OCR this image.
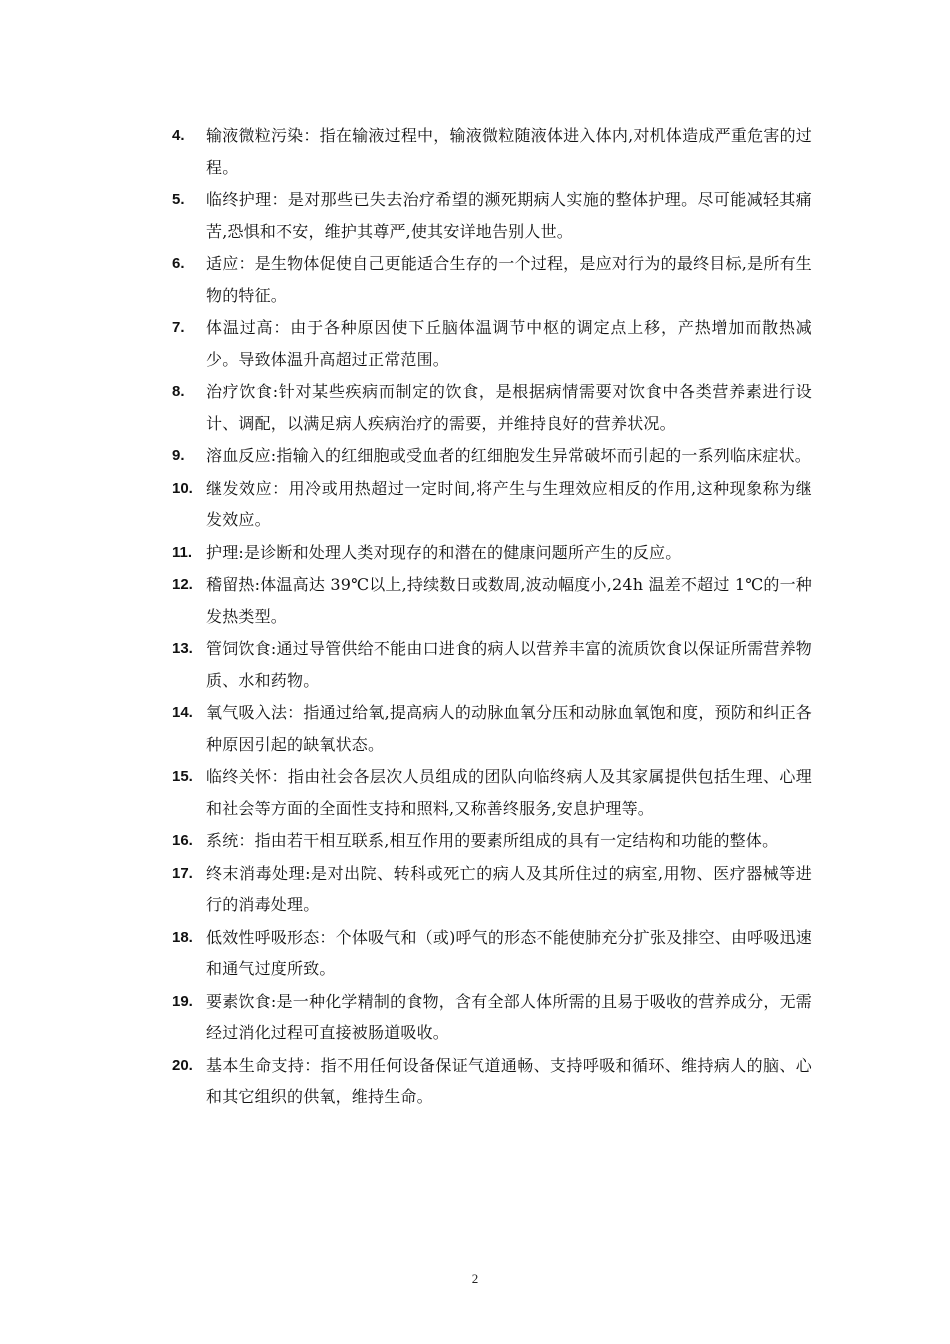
4.	输液微粒污染：指在输液过程中，输液微粒随液体进入体内,对机体造成严重危害的过程。
5.	临终护理：是对那些已失去治疗希望的濒死期病人实施的整体护理。尽可能减轻其痛苦,恐惧和不安，维护其尊严,使其安详地告别人世。
6.	适应：是生物体促使自己更能适合生存的一个过程，是应对行为的最终目标,是所有生物的特征。
7.	体温过高：由于各种原因使下丘脑体温调节中枢的调定点上移，产热增加而散热减少。导致体温升高超过正常范围。
8.	治疗饮食:针对某些疾病而制定的饮食，是根据病情需要对饮食中各类营养素进行设计、调配，以满足病人疾病治疗的需要，并维持良好的营养状况。
9.	溶血反应:指输入的红细胞或受血者的红细胞发生异常破坏而引起的一系列临床症状。
10. 继发效应：用冷或用热超过一定时间,将产生与生理效应相反的作用,这种现象称为继发效应。
11. 护理:是诊断和处理人类对现存的和潜在的健康问题所产生的反应。
12. 稽留热:体温高达 39℃以上,持续数日或数周,波动幅度小,24h 温差不超过 1℃的一种发热类型。
13. 管饲饮食:通过导管供给不能由口进食的病人以营养丰富的流质饮食以保证所需营养物质、水和药物。
14. 氧气吸入法：指通过给氧,提高病人的动脉血氧分压和动脉血氧饱和度，预防和纠正各种原因引起的缺氧状态。
15. 临终关怀：指由社会各层次人员组成的团队向临终病人及其家属提供包括生理、心理和社会等方面的全面性支持和照料,又称善终服务,安息护理等。
16. 系统：指由若干相互联系,相互作用的要素所组成的具有一定结构和功能的整体。
17. 终末消毒处理:是对出院、转科或死亡的病人及其所住过的病室,用物、医疗器械等进行的消毒处理。
18. 低效性呼吸形态：个体吸气和（或)呼气的形态不能使肺充分扩张及排空、由呼吸迅速和通气过度所致。
19. 要素饮食:是一种化学精制的食物，含有全部人体所需的且易于吸收的营养成分，无需经过消化过程可直接被肠道吸收。
20. 基本生命支持：指不用任何设备保证气道通畅、支持呼吸和循环、维持病人的脑、心和其它组织的供氧，维持生命。
2
